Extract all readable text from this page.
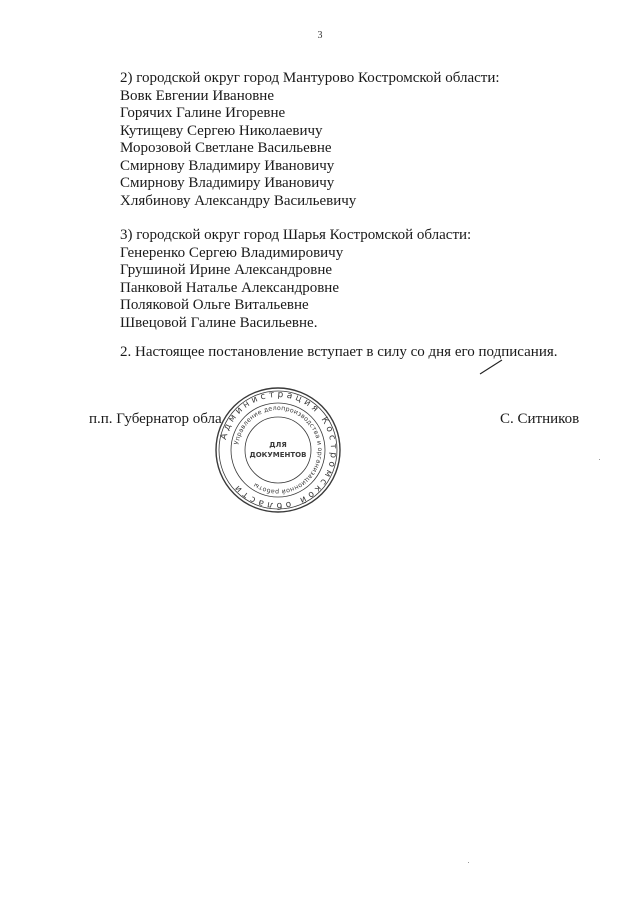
3
2) городской округ город Мантурово Костромской области:
Вовк Евгении Ивановне
Горячих Галине Игоревне
Кутищеву Сергею Николаевичу
Морозовой Светлане Васильевне
Смирнову Владимиру Ивановичу
Смирнову Владимиру Ивановичу
Хлябинову Александру Васильевичу
3) городской округ город Шарья Костромской области:
Генеренко Сергею Владимировичу
Грушиной Ирине Александровне
Панковой Наталье Александровне
Поляковой Ольге Витальевне
Швецовой Галине Васильевне.
2. Настоящее постановление вступает в силу со дня его подписания.
п.п. Губернатор обла	С. Ситников
Администрация Костромской области
Управление делопроизводства и организационной работы
ДЛЯ
ДОКУМЕНТОВ
